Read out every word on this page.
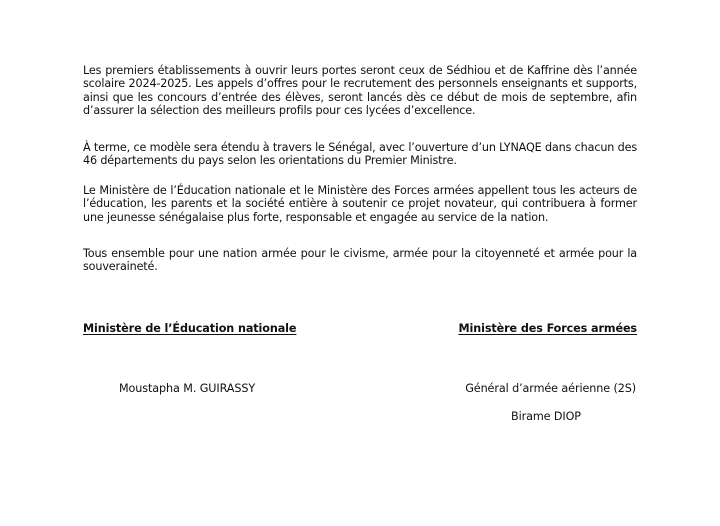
Les premiers établissements à ouvrir leurs portes seront ceux de Sédhiou et de Kaffrine dès l’année scolaire 2024-2025. Les appels d’offres pour le recrutement des personnels enseignants et supports, ainsi que les concours d’entrée des élèves, seront lancés dès ce début de mois de septembre, afin d’assurer la sélection des meilleurs profils pour ces lycées d’excellence.

À terme, ce modèle sera étendu à travers le Sénégal, avec l’ouverture d’un LYNAQE dans chacun des 46 départements du pays selon les orientations du Premier Ministre.

Le Ministère de l’Éducation nationale et le Ministère des Forces armées appellent tous les acteurs de l’éducation, les parents et la société entière à soutenir ce projet novateur, qui contribuera à former une jeunesse sénégalaise plus forte, responsable et engagée au service de la nation.

Tous ensemble pour une nation armée pour le civisme, armée pour la citoyenneté et armée pour la souveraineté.

Ministère de l’Éducation nationale	Ministère des Forces armées
Moustapha M. GUIRASSY	Général d’armée aérienne (2S)
Birame DIOP
